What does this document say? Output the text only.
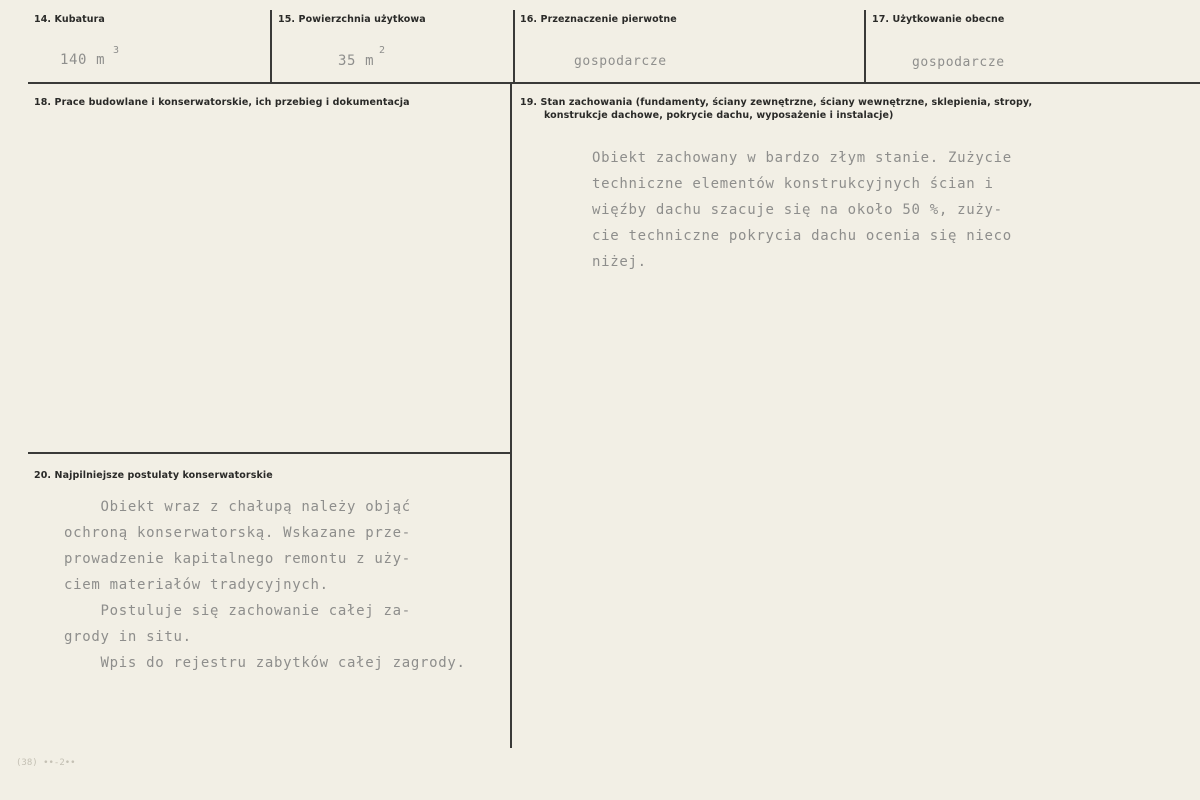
14. Kubatura
140 m
3
15. Powierzchnia użytkowa
35 m
2
16. Przeznaczenie pierwotne
gospodarcze
17. Użytkowanie obecne
gospodarcze
18. Prace budowlane i konserwatorskie, ich przebieg i dokumentacja	19. Stan zachowania (fundamenty, ściany zewnętrzne, ściany wewnętrzne, sklepienia, stropy,
konstrukcje dachowe, pokrycie dachu, wyposażenie i instalacje)
Obiekt zachowany w bardzo złym stanie. Zużycie
techniczne elementów konstrukcyjnych ścian i
więźby dachu szacuje się na około 50 %, zuży-
cie techniczne pokrycia dachu ocenia się nieco
niżej.
20. Najpilniejsze postulaty konserwatorskie
Obiekt wraz z chałupą należy objąć
ochroną konserwatorską. Wskazane prze-
prowadzenie kapitalnego remontu z uży-
ciem materiałów tradycyjnych.
Postuluje się zachowanie całej za-
grody in situ.
Wpis do rejestru zabytków całej zagrody.
(38) ••-2••
